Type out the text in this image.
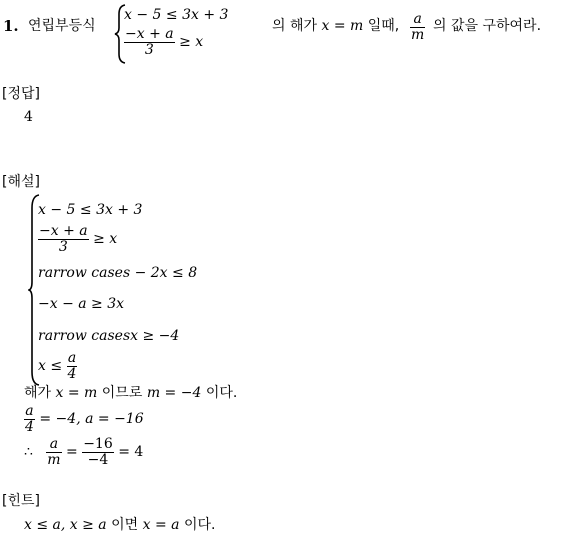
1. 연립부등식
x − 5 ≤ 3x + 3
$\frac{-x + a}{3} \ge x$
의 해가 x = m 일때, $\frac{a}{m}$ 의 값을 구하여라.
[정답]
4
[해설]
x − 5 ≤ 3x + 3
$\frac{-x + a}{3} \ge x$
rarrow cases − 2x ≤ 8
−x − a ≥ 3x
rarrow casesx ≥ −4
$x \le \frac{a}{4}$
해가 x = m 이므로 m = −4 이다.
$\frac{a}{4} = -4$, a = −16
∴ $\frac{a}{m} = \frac{-16}{-4} = 4$
[힌트]
x ≤ a, x ≥ a 이면 x = a 이다.
